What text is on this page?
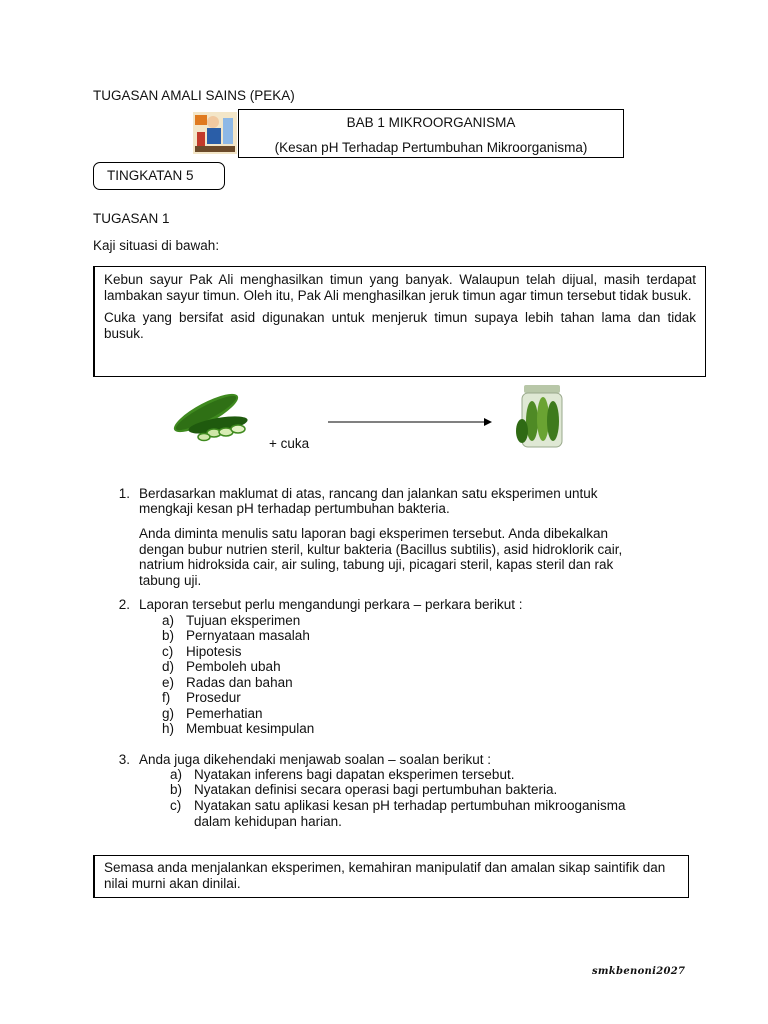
TUGASAN AMALI SAINS (PEKA)
BAB 1 MIKROORGANISMA
(Kesan pH Terhadap Pertumbuhan Mikroorganisma)
TINGKATAN 5
TUGASAN 1
Kaji situasi di bawah:

Kebun sayur Pak Ali menghasilkan timun yang banyak. Walaupun telah dijual, masih terdapat lambakan sayur timun. Oleh itu, Pak Ali menghasilkan jeruk timun agar timun tersebut tidak busuk.

Cuka yang bersifat asid digunakan untuk menjeruk timun supaya lebih tahan lama dan tidak busuk.

+ cuka
1. Berdasarkan maklumat di atas, rancang dan jalankan satu eksperimen untuk
mengkaji kesan pH terhadap pertumbuhan bakteria.
Anda diminta menulis satu laporan bagi eksperimen tersebut. Anda dibekalkan
dengan bubur nutrien steril, kultur bakteria (Bacillus subtilis), asid hidroklorik cair,
natrium hidroksida cair, air suling, tabung uji, picagari steril, kapas steril dan rak
tabung uji.
2. Laporan tersebut perlu mengandungi perkara – perkara berikut :
a) Tujuan eksperimen
b) Pernyataan masalah
c) Hipotesis
d) Pemboleh ubah
e) Radas dan bahan
f)	Prosedur
g) Pemerhatian
h) Membuat kesimpulan
3. Anda juga dikehendaki menjawab soalan – soalan berikut :
a) Nyatakan inferens bagi dapatan eksperimen tersebut.
b) Nyatakan definisi secara operasi bagi pertumbuhan bakteria.
c) Nyatakan satu aplikasi kesan pH terhadap pertumbuhan mikrooganisma
dalam kehidupan harian.
Semasa anda menjalankan eksperimen, kemahiran manipulatif dan amalan sikap saintifik dan nilai murni akan dinilai.
smkbenoni2027
